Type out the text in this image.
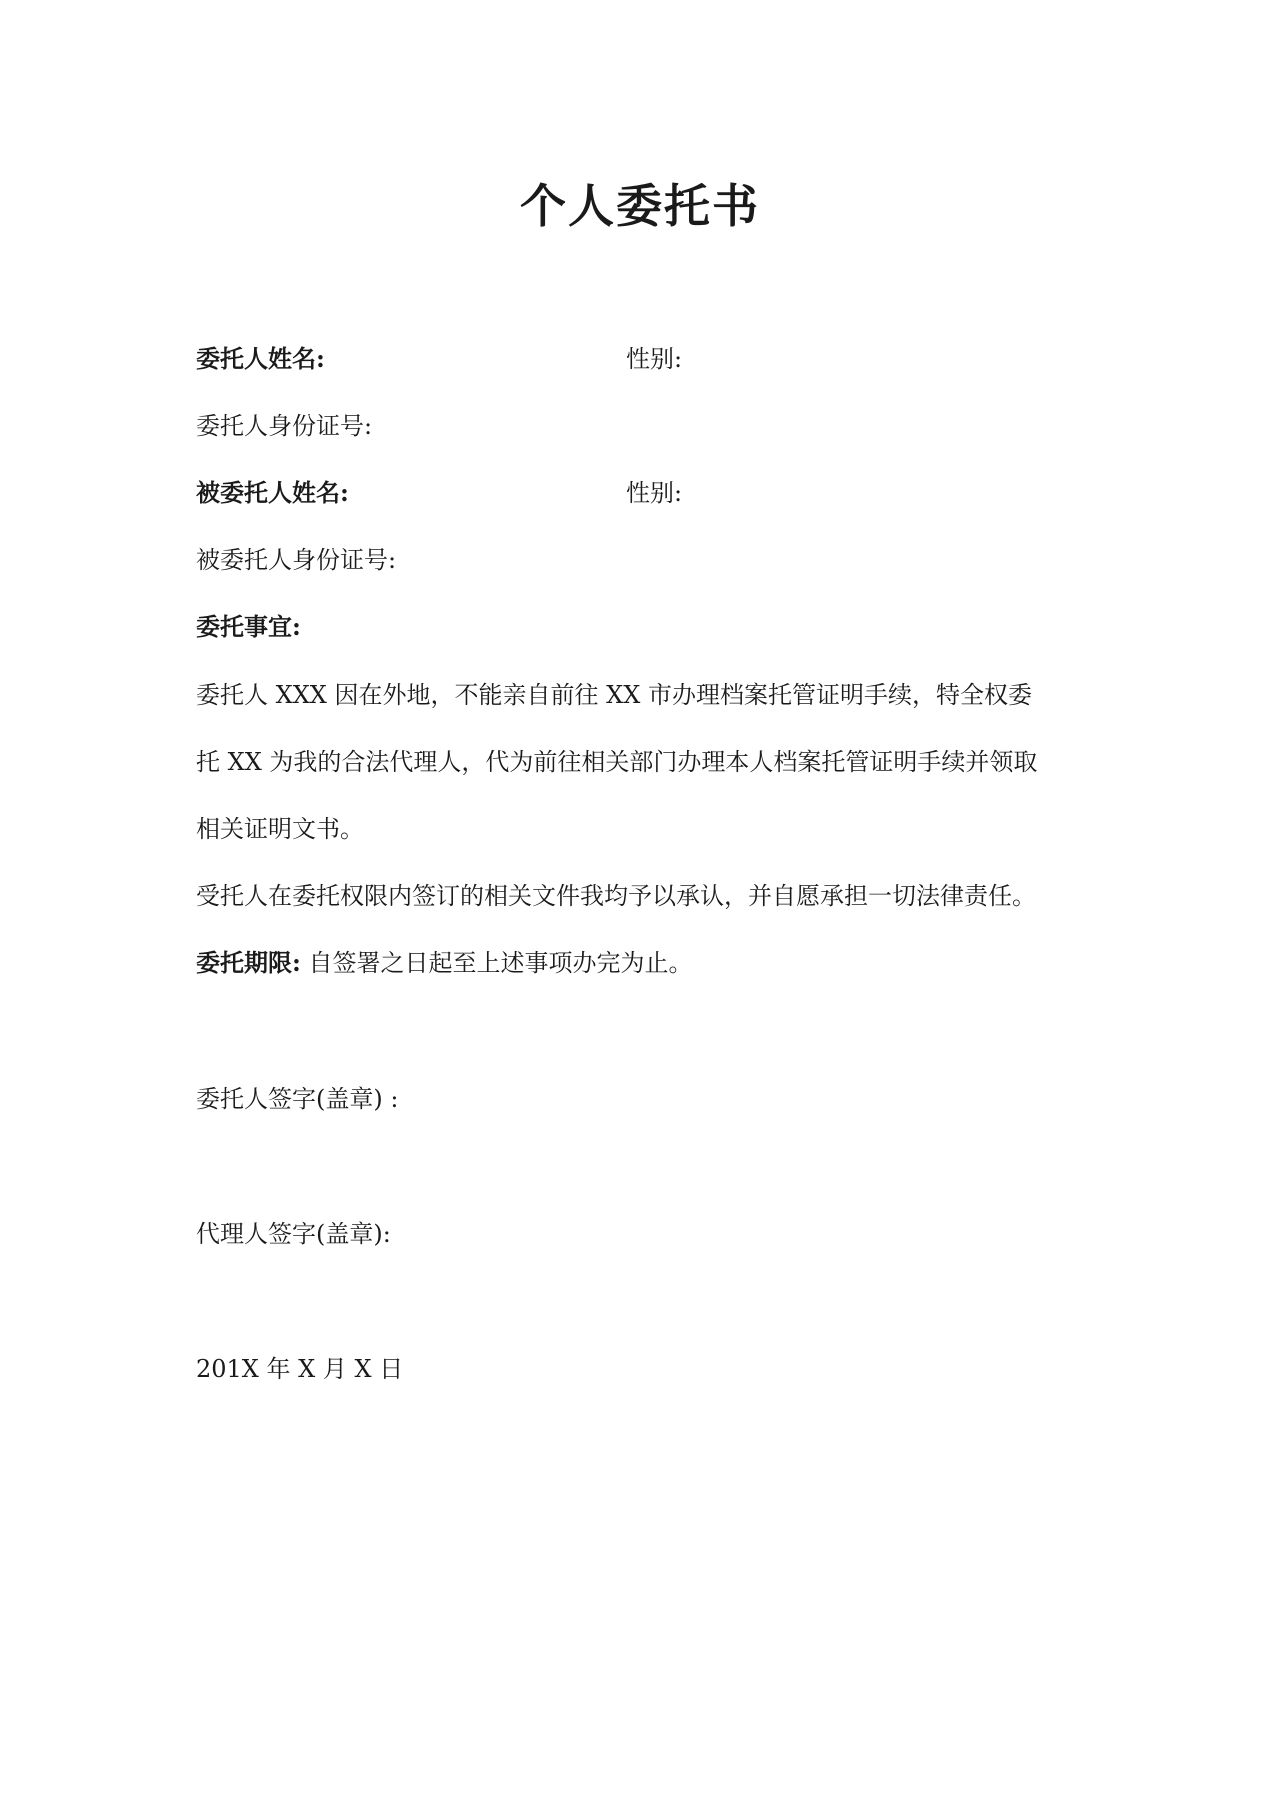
个人委托书
委托人姓名:	性别:
委托人身份证号:
被委托人姓名:	性别:
被委托人身份证号:
委托事宜:
委托人 XXX 因在外地，不能亲自前往 XX 市办理档案托管证明手续，特全权委
托 XX 为我的合法代理人，代为前往相关部门办理本人档案托管证明手续并领取
相关证明文书。
受托人在委托权限内签订的相关文件我均予以承认，并自愿承担一切法律责任。
委托期限: 自签署之日起至上述事项办完为止。
委托人签字(盖章) :
代理人签字(盖章):
201X 年 X 月 X 日
